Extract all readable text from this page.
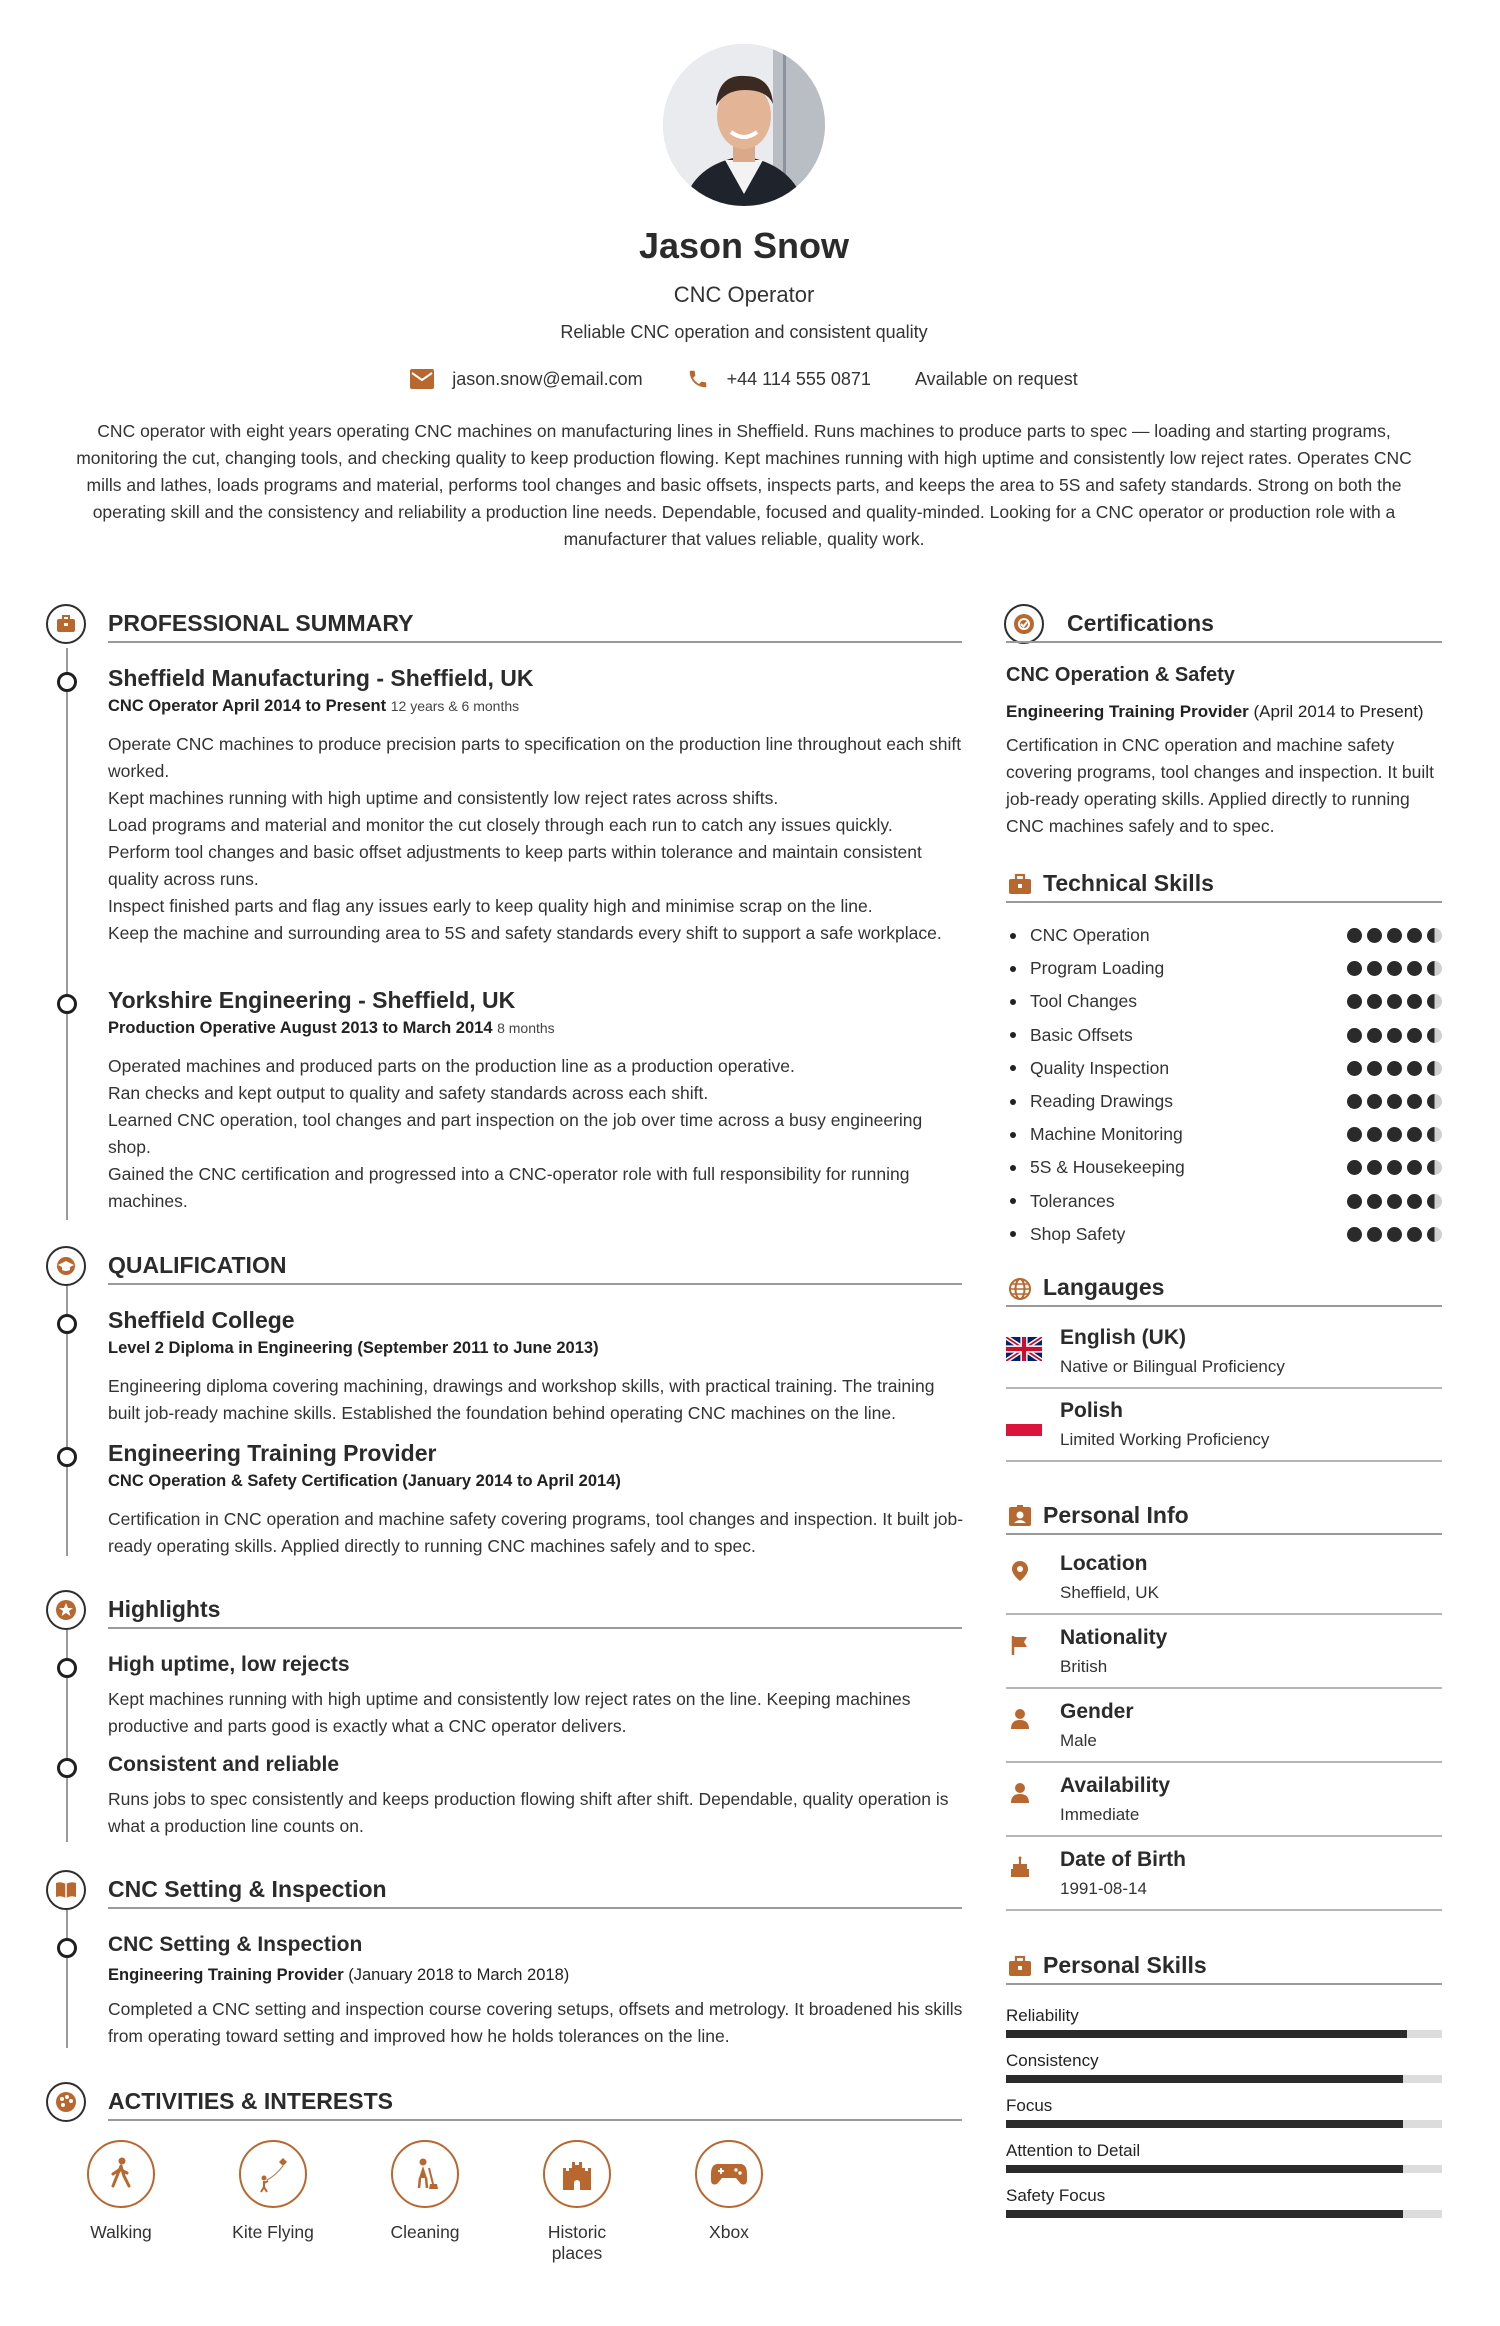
Jason Snow
CNC Operator
Reliable CNC operation and consistent quality
jason.snow@email.com	+44 114 555 0871 Available on request
CNC operator with eight years operating CNC machines on manufacturing lines in Sheffield. Runs machines to produce parts to spec — loading and starting programs, monitoring the cut, changing tools, and checking quality to keep production flowing. Kept machines running with high uptime and consistently low reject rates. Operates CNC mills and lathes, loads programs and material, performs tool changes and basic offsets, inspects parts, and keeps the area to 5S and safety standards. Strong on both the operating skill and the consistency and reliability a production line needs. Dependable, focused and quality-minded. Looking for a CNC operator or production role with a manufacturer that values reliable, quality work.
PROFESSIONAL SUMMARY
Sheffield Manufacturing - Sheffield, UK
CNC Operator April 2014 to Present 12 years & 6 months
Operate CNC machines to produce precision parts to specification on the production line throughout each shift worked.
Kept machines running with high uptime and consistently low reject rates across shifts.
Load programs and material and monitor the cut closely through each run to catch any issues quickly.
Perform tool changes and basic offset adjustments to keep parts within tolerance and maintain consistent quality across runs.
Inspect finished parts and flag any issues early to keep quality high and minimise scrap on the line.
Keep the machine and surrounding area to 5S and safety standards every shift to support a safe workplace.
Yorkshire Engineering - Sheffield, UK
Production Operative August 2013 to March 2014 8 months
Operated machines and produced parts on the production line as a production operative.
Ran checks and kept output to quality and safety standards across each shift.
Learned CNC operation, tool changes and part inspection on the job over time across a busy engineering shop.
Gained the CNC certification and progressed into a CNC-operator role with full responsibility for running machines.
QUALIFICATION
Sheffield College
Level 2 Diploma in Engineering (September 2011 to June 2013)
Engineering diploma covering machining, drawings and workshop skills, with practical training. The training built job-ready machine skills. Established the foundation behind operating CNC machines on the line.
Engineering Training Provider
CNC Operation & Safety Certification (January 2014 to April 2014)
Certification in CNC operation and machine safety covering programs, tool changes and inspection. It built job-ready operating skills. Applied directly to running CNC machines safely and to spec.
Highlights
High uptime, low rejects
Kept machines running with high uptime and consistently low reject rates on the line. Keeping machines productive and parts good is exactly what a CNC operator delivers.
Consistent and reliable
Runs jobs to spec consistently and keeps production flowing shift after shift. Dependable, quality operation is what a production line counts on.
CNC Setting & Inspection
CNC Setting & Inspection
Engineering Training Provider (January 2018 to March 2018)
Completed a CNC setting and inspection course covering setups, offsets and metrology. It broadened his skills from operating toward setting and improved how he holds tolerances on the line.
ACTIVITIES & INTERESTS
Walking	Kite Flying	Cleaning	Historic places
Xbox
Certifications
CNC Operation & Safety
Engineering Training Provider (April 2014 to Present)
Certification in CNC operation and machine safety covering programs, tool changes and inspection. It built job-ready operating skills. Applied directly to running CNC machines safely and to spec.
Technical Skills
CNC Operation
Program Loading
Tool Changes
Basic Offsets
Quality Inspection
Reading Drawings
Machine Monitoring
5S & Housekeeping
Tolerances
Shop Safety
Langauges
English (UK)
Native or Bilingual Proficiency
Polish
Limited Working Proficiency
Personal Info
Location
Sheffield, UK
Nationality
British
Gender
Male
Availability
Immediate
Date of Birth
1991-08-14
Personal Skills
Reliability
Consistency
Focus
Attention to Detail
Safety Focus
